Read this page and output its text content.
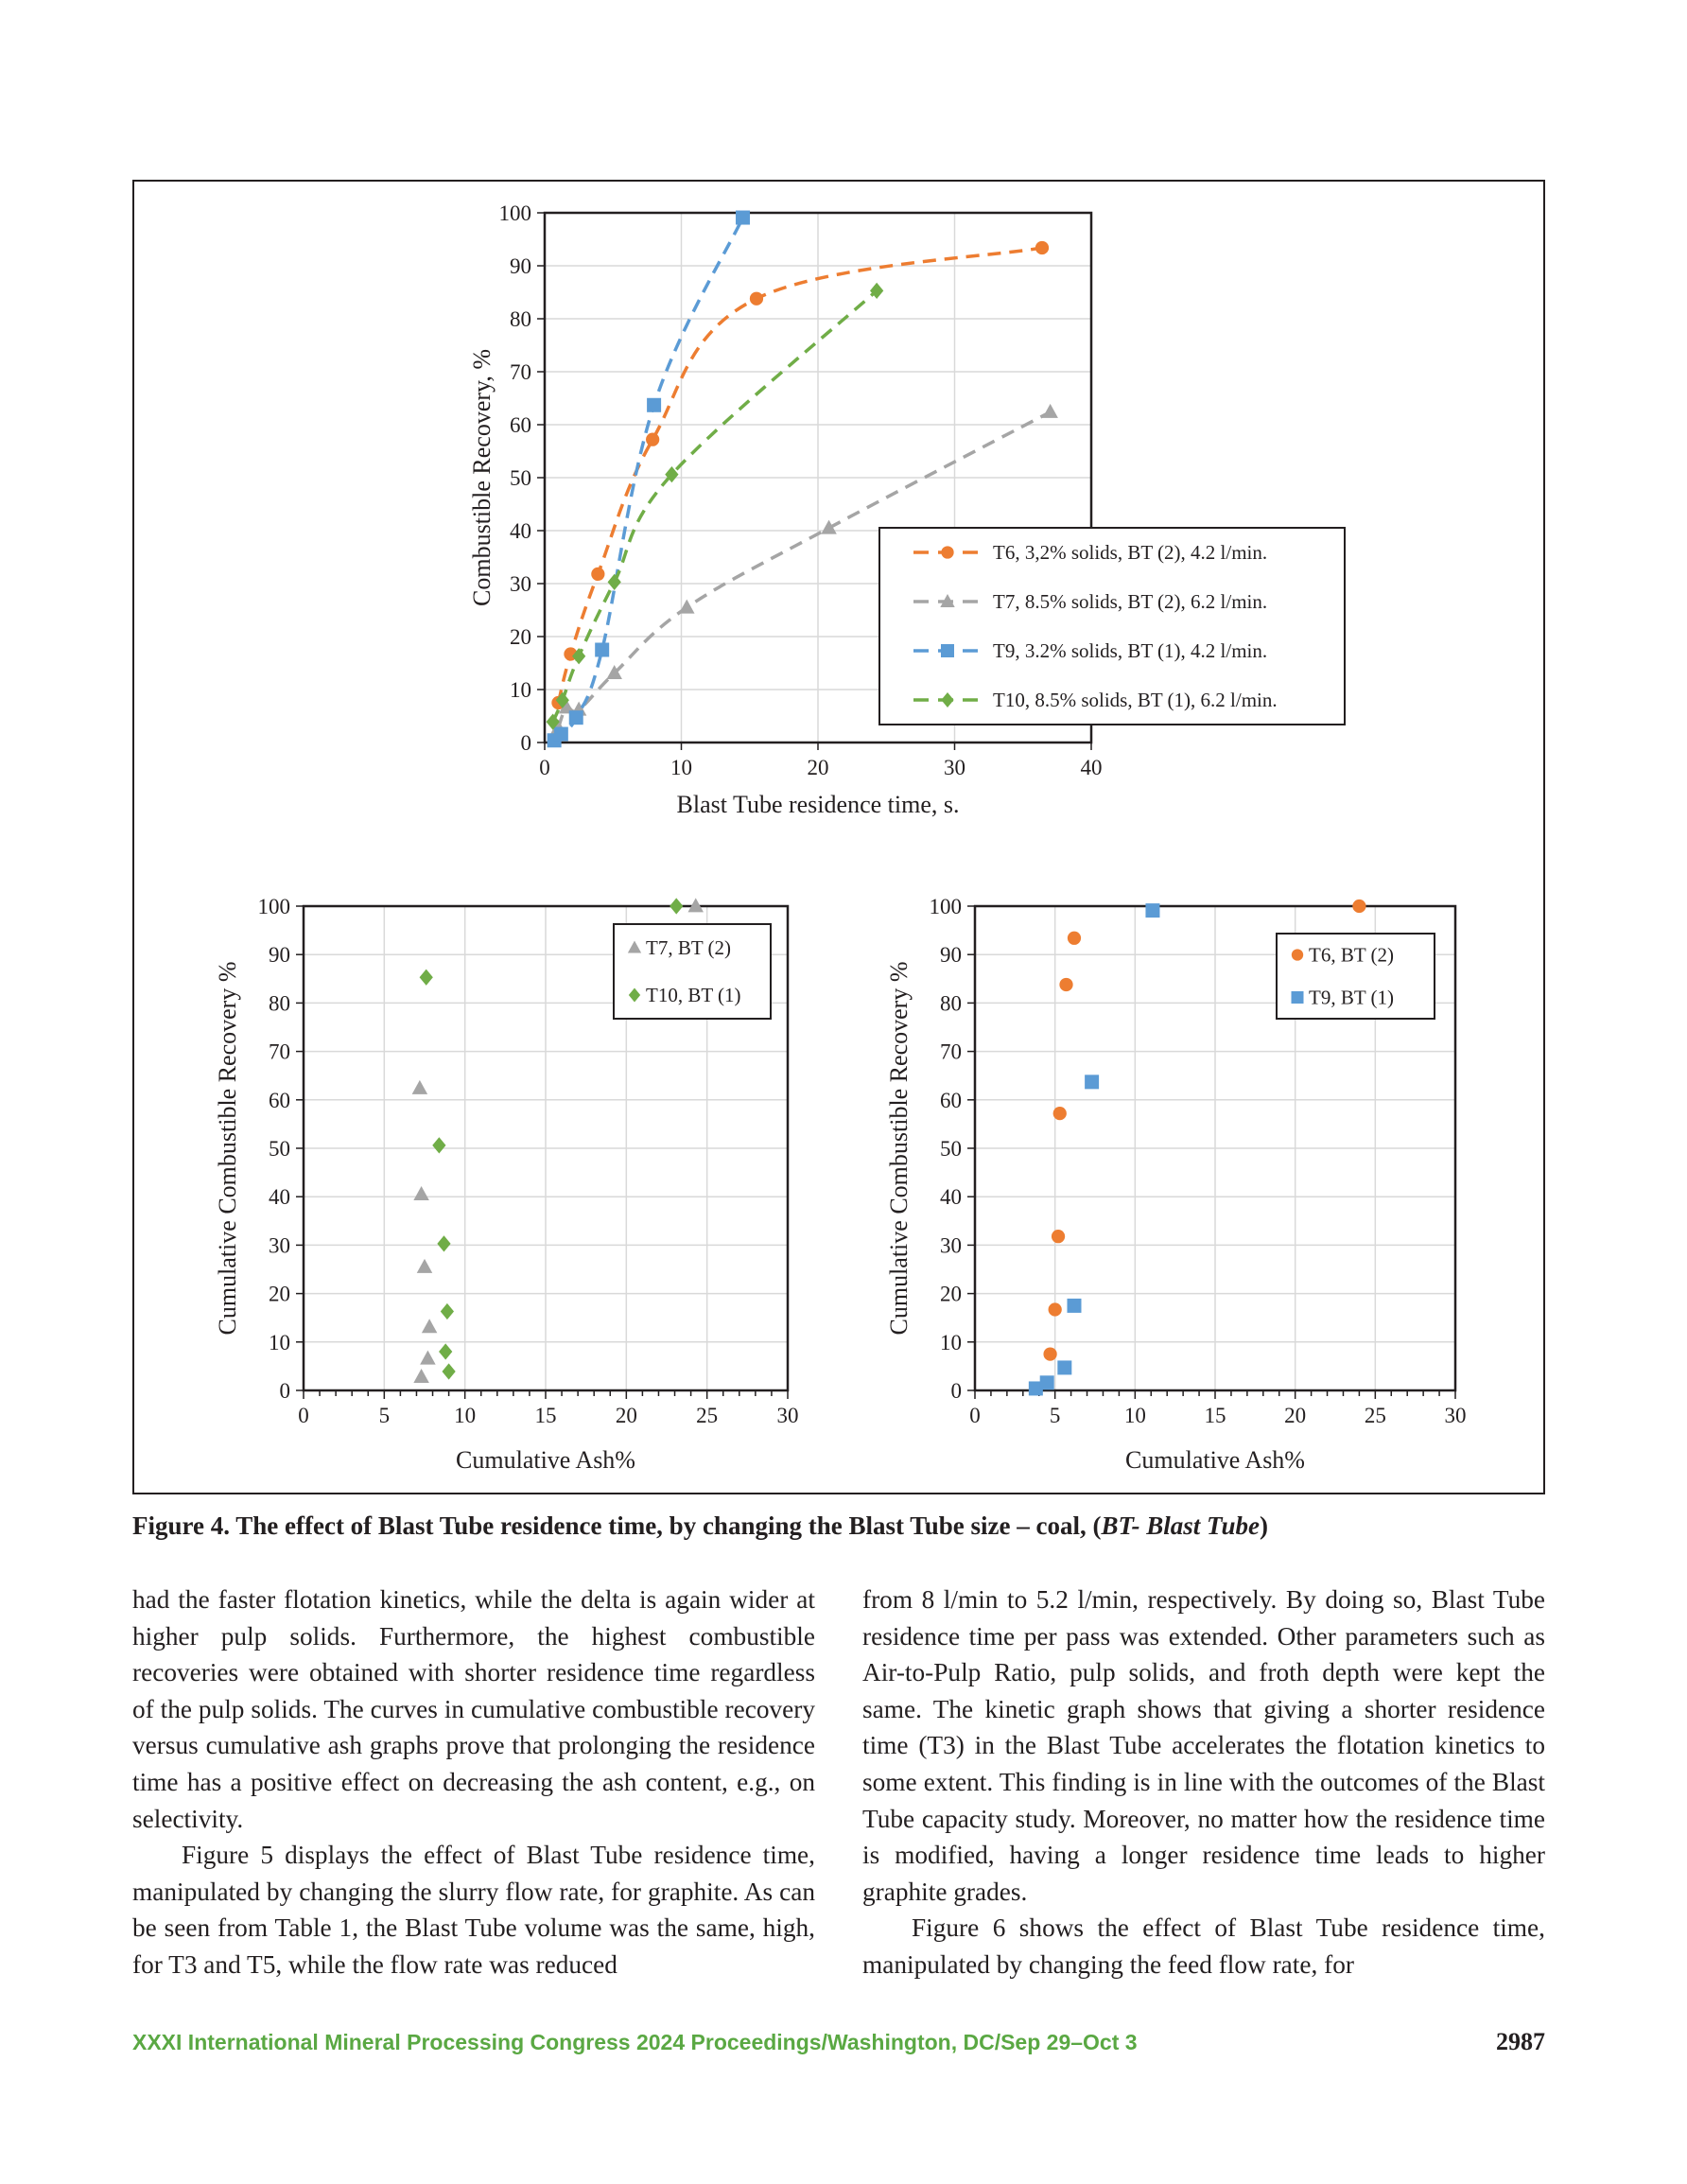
0	10	20	30	40
0
10
20
30
40
50
60
70
80
90
100
Blast Tube residence time, s.
Combustible Recovery, %	T6, 3,2% solids, BT (2), 4.2 l/min.
T7, 8.5% solids, BT (2), 6.2 l/min.
T9, 3.2% solids, BT (1), 4.2 l/min.
T10, 8.5% solids, BT (1), 6.2 l/min.
0	5	10	15	20	25	30
0
10
20
30
40
50
60
70
80
90
100
Cumulative Ash%
Cumulative Combustible Recovery %
T7, BT (2)
T10, BT (1)
0	5	10	15	20	25	30
0
10
20
30
40
50
60
70
80
90
100
Cumulative Ash%
Cumulative Combustible Recovery %
T6, BT (2)
T9, BT (1)
Figure 4. The effect of Blast Tube residence time, by changing the Blast Tube size – coal, (BT- Blast Tube)

had the faster flotation kinetics, while the delta is again wider at higher pulp solids. Furthermore, the highest combustible recoveries were obtained with shorter residence time regardless of the pulp solids. The curves in cumulative combustible recovery versus cumulative ash graphs prove that prolonging the residence time has a positive effect on decreasing the ash content, e.g., on selectivity.

Figure 5 displays the effect of Blast Tube residence time, manipulated by changing the slurry flow rate, for graphite. As can be seen from Table 1, the Blast Tube volume was the same, high, for T3 and T5, while the flow rate was reduced

from 8 l/min to 5.2 l/min, respectively. By doing so, Blast Tube residence time per pass was extended. Other parameters such as Air-to-Pulp Ratio, pulp solids, and froth depth were kept the same. The kinetic graph shows that giving a shorter residence time (T3) in the Blast Tube accelerates the flotation kinetics to some extent. This finding is in line with the outcomes of the Blast Tube capacity study. Moreover, no matter how the residence time is modified, having a longer residence time leads to higher graphite grades.

Figure 6 shows the effect of Blast Tube residence time, manipulated by changing the feed flow rate, for

XXXI International Mineral Processing Congress 2024 Proceedings/Washington, DC/Sep 29–Oct 3	2987
